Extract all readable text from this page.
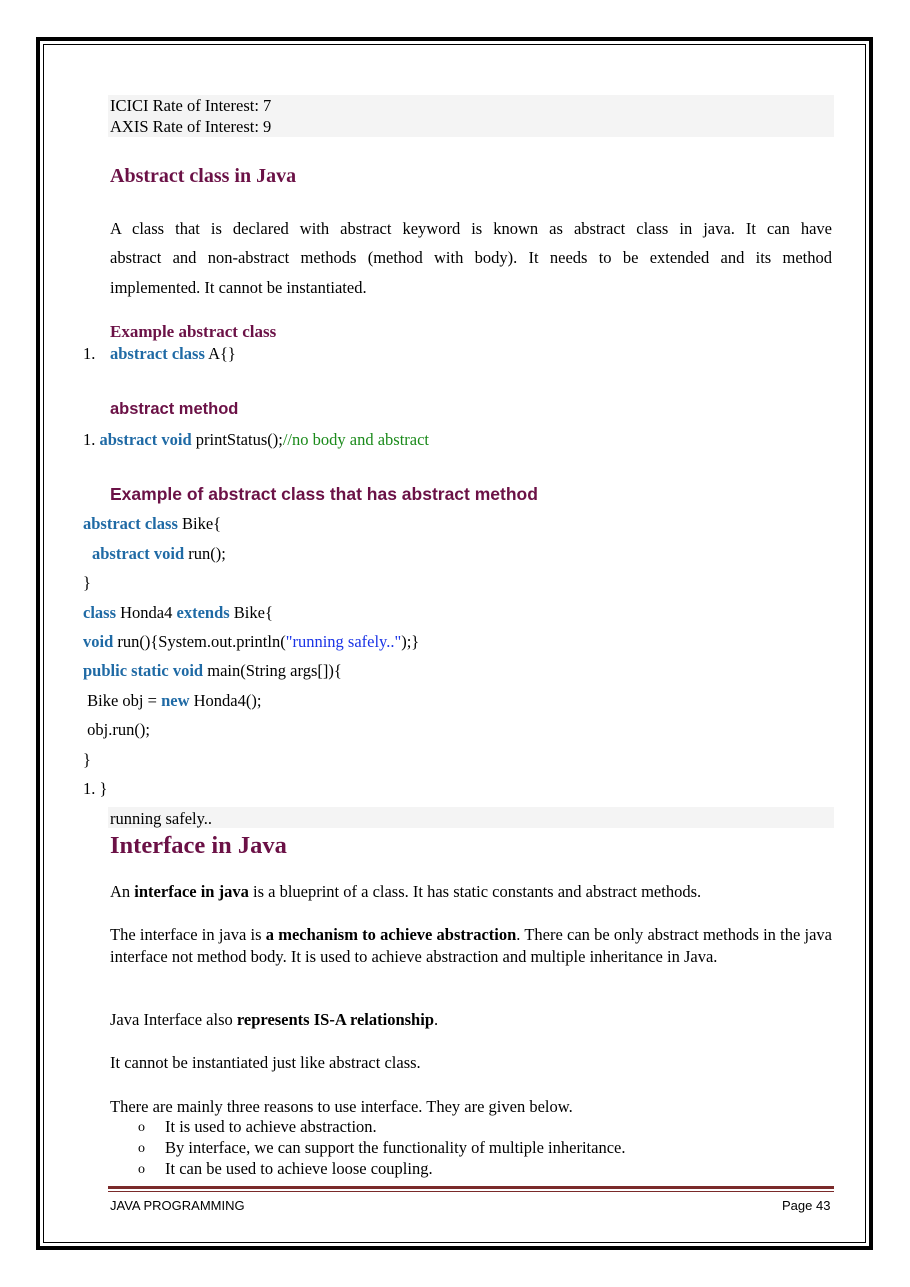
ICICI Rate of Interest: 7
AXIS Rate of Interest: 9
Abstract class in Java
A class that is declared with abstract keyword is known as abstract class in java. It can have
abstract and non-abstract methods (method with body). It needs to be extended and its method
implemented. It cannot be instantiated.
Example abstract class
1. abstract class A{}
abstract method
1. abstract void printStatus();//no body and abstract
Example of abstract class that has abstract method
abstract class Bike{
abstract void run();
}
class Honda4 extends Bike{
void run(){System.out.println("running safely..");}
public static void main(String args[]){
Bike obj = new Honda4();
obj.run();
}
1. }
running safely..
Interface in Java
An interface in java is a blueprint of a class. It has static constants and abstract methods.
The interface in java is a mechanism to achieve abstraction. There can be only abstract methods in the java interface not method body. It is used to achieve abstraction and multiple inheritance in Java.
Java Interface also represents IS-A relationship.
It cannot be instantiated just like abstract class.
There are mainly three reasons to use interface. They are given below.
o It is used to achieve abstraction.
o By interface, we can support the functionality of multiple inheritance.
o It can be used to achieve loose coupling.
JAVA PROGRAMMING	Page 43
